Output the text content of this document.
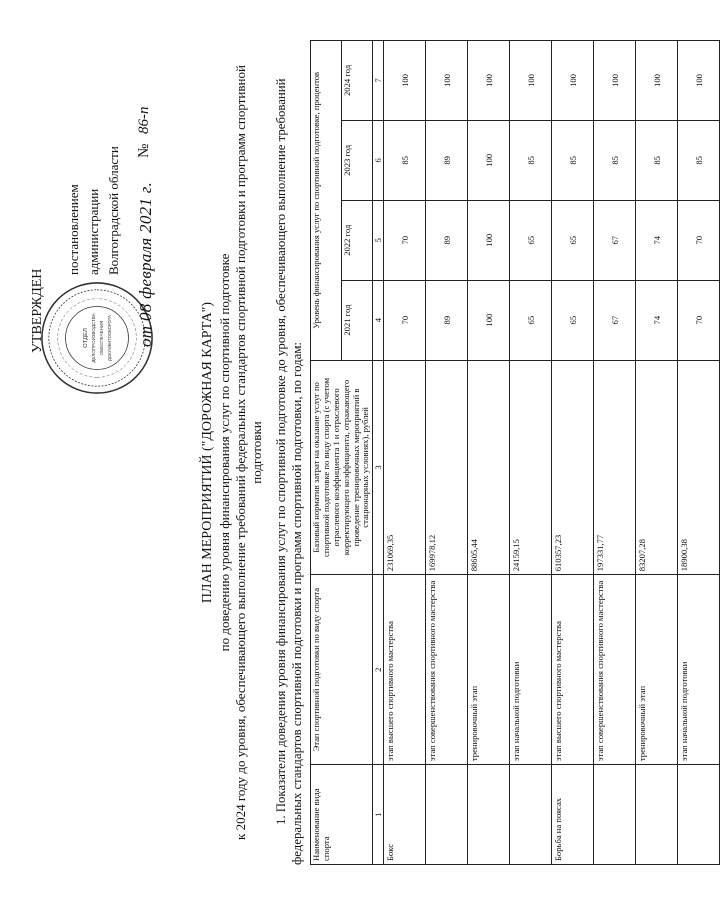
ОТДЕЛ ДЕЛОПРОИЗВОДСТВА ОБЕСПЕЧЕНИЯ ДОКУМЕНТООБОРОТА
УТВЕРЖДЕН
постановлением администрации Волгоградской области
от 08 февраля 2021 г.
№ 86-п
ПЛАН МЕРОПРИЯТИЙ ("ДОРОЖНАЯ КАРТА") по доведению уровня финансирования услуг по спортивной подготовке к 2024 году до уровня, обеспечивающего выполнение требований федеральных стандартов спортивной подготовки и программ спортивной подготовки 1. Показатели доведения уровня финансирования услуг по спортивной подготовке до уровня, обеспечивающего выполнение требований федеральных стандартов спортивной подготовки и программ спортивной подготовки, по годам: Наименование вида спорта	Этап спортивной подготовки по виду спорта	Базовый норматив затрат на оказание услуг по спортивной подготовке по виду спорта (с учетом отраслевого коэффициента 1 и отраслевого корректирующего коэффициента, отражающего проведение тренировочных мероприятий в стационарных условиях), рублей	Уровень финансирования услуг по спортивной подготовке, процентов			
			2021 год	2022 год	2023 год	2024 год
1	2	3	4	5	6	7
Бокс	этап высшего спортивного мастерства	231069,35	70	70	85	100
	этап совершенствования спортивного мастерства	169978,12	89	89	89	100
	тренировочный этап	88605,44	100	100	100	100
	этап начальной подготовки	24159,15	65	65	85	100
Борьба на поясах	этап высшего спортивного мастерства	610357,23	65	65	85	100
	этап совершенствования спортивного мастерства	197331,77	67	67	85	100
	тренировочный этап	83207,28	74	74	85	100
	этап начальной подготовки	18900,38	70	70	85	100
